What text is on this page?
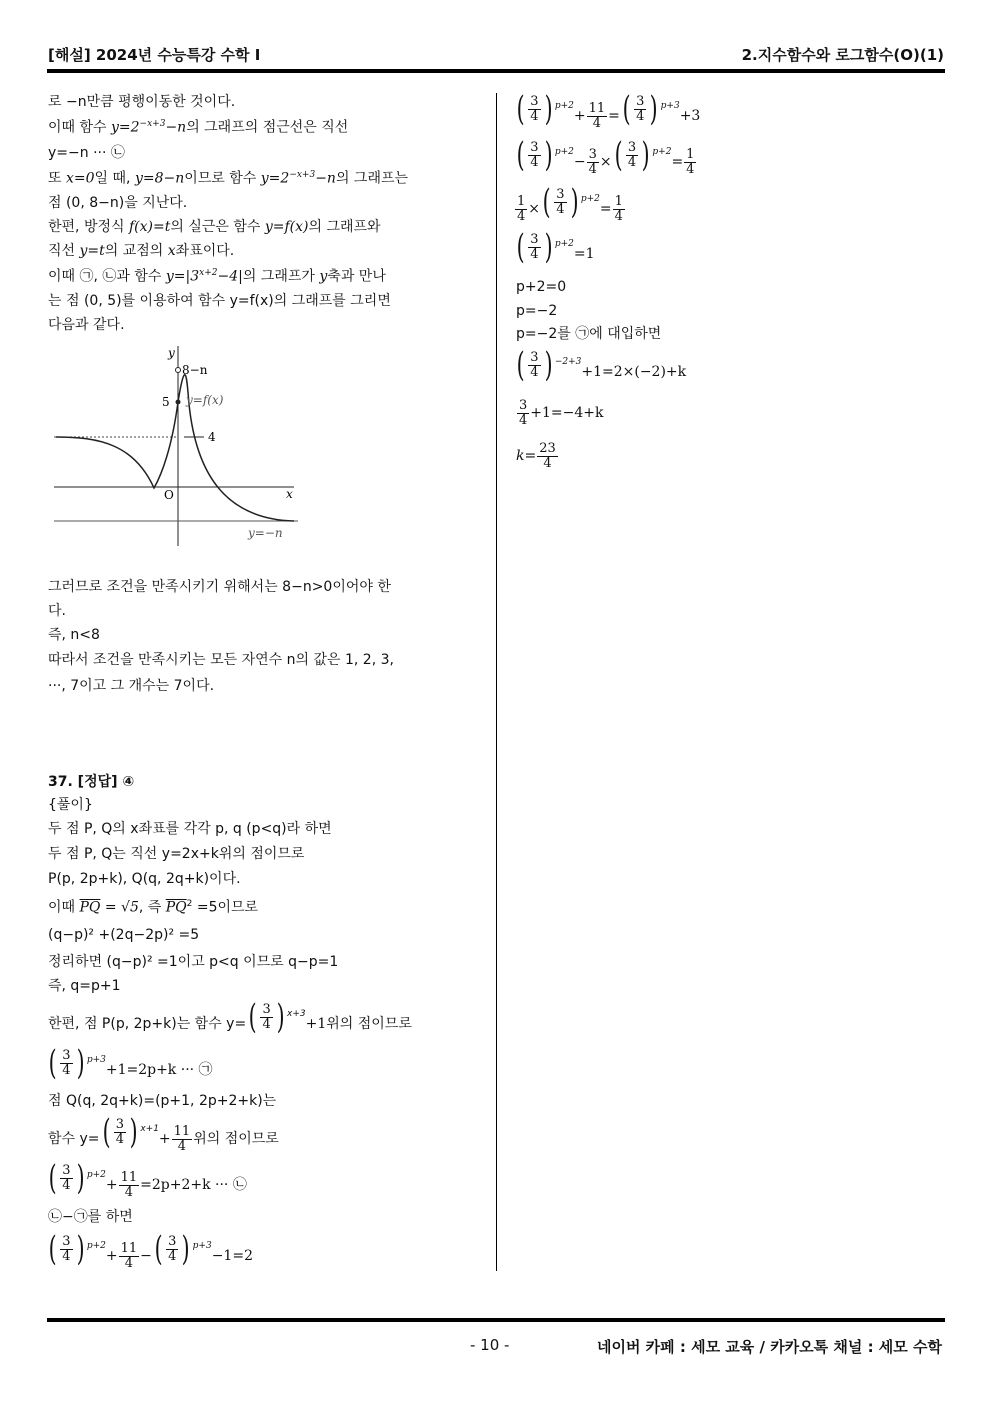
[해설] 2024년 수능특강 수학 I	2.지수함수와 로그함수(O)(1)
로 −n만큼 평행이동한 것이다.
이때 함수 $y=2^{-x+3}-n$의 그래프의 점근선은 직선
y=−n ··· ㉡
또 x=0일 때, y=8−n이므로 함수 $y=2^{-x+3}-n$의 그래프는
점 (0, 8−n)을 지난다.
한편, 방정식 f(x)=t의 실근은 함수 y=f(x)의 그래프와
직선 y=t의 교점의 x좌표이다.
이때 ㉠, ㉡과 함수 $y=|3^{x+2}-4|$의 그래프가 y축과 만나
는 점 (0, 5)를 이용하여 함수 y=f(x)의 그래프를 그리면
다음과 같다.
y
x
O
8−n
5 y=f(x)
4
y=−n
그러므로 조건을 만족시키기 위해서는 8−n>0이어야 한
다.
즉, n<8
따라서 조건을 만족시키는 모든 자연수 n의 값은 1, 2, 3,
···, 7이고 그 개수는 7이다.
37. [정답] ④
{풀이}
두 점 P, Q의 x좌표를 각각 p, q (p<q)라 하면
두 점 P, Q는 직선 y=2x+k위의 점이므로
P(p, 2p+k), Q(q, 2q+k)이다.
이때 $\overline{PQ} = √5$, 즉 $\overline{PQ}^2 =5$이므로
(q−p)² +(2q−2p)² =5
정리하면 (q−p)² =1이고 p<q 이므로 q−p=1
즉, q=p+1
한편, 점 P(p, 2p+k)는 함수 y= ( $\frac{3}{4}$ ) x+3+1위의 점이므로
( $\frac{3}{4}$ ) p+3+1=2p+k ··· ㉠
점 Q(q, 2q+k)=(p+1, 2p+2+k)는
함수 y= ( $\frac{3}{4}$ ) $x+1+ \frac{11}{4}$ 위의 점이므로
( $\frac{3}{4}$ ) $p+2+ \frac{11}{4} =2p+2+k$ ··· ㉡
㉡−㉠를 하면
( $\frac{3}{4}$ ) $p+2+ \frac{11}{4}$ − ( $\frac{3}{4}$ ) p+3−1=2
( $\frac{3}{4}$ ) $p+2+ \frac{11}{4}$ = ( $\frac{3}{4}$ ) p+3+3
( $\frac{3}{4}$ ) $p+2- \frac{3}{4}$ × ( $\frac{3}{4}$ ) $p+2= \frac{1}{4}$
$\frac{1}{4}$ × ( $\frac{3}{4}$ ) $p+2= \frac{1}{4}$
( $\frac{3}{4}$ ) p+2=1
p+2=0
p=−2
p=−2를 ㉠에 대입하면
( $\frac{3}{4}$ ) −2+3+1=2×(−2)+k
$\frac{3}{4} +1=-4+k$
$k= \frac{23}{4}$
- 10 -	네이버 카페 : 세모 교육 / 카카오톡 채널 : 세모 수학
